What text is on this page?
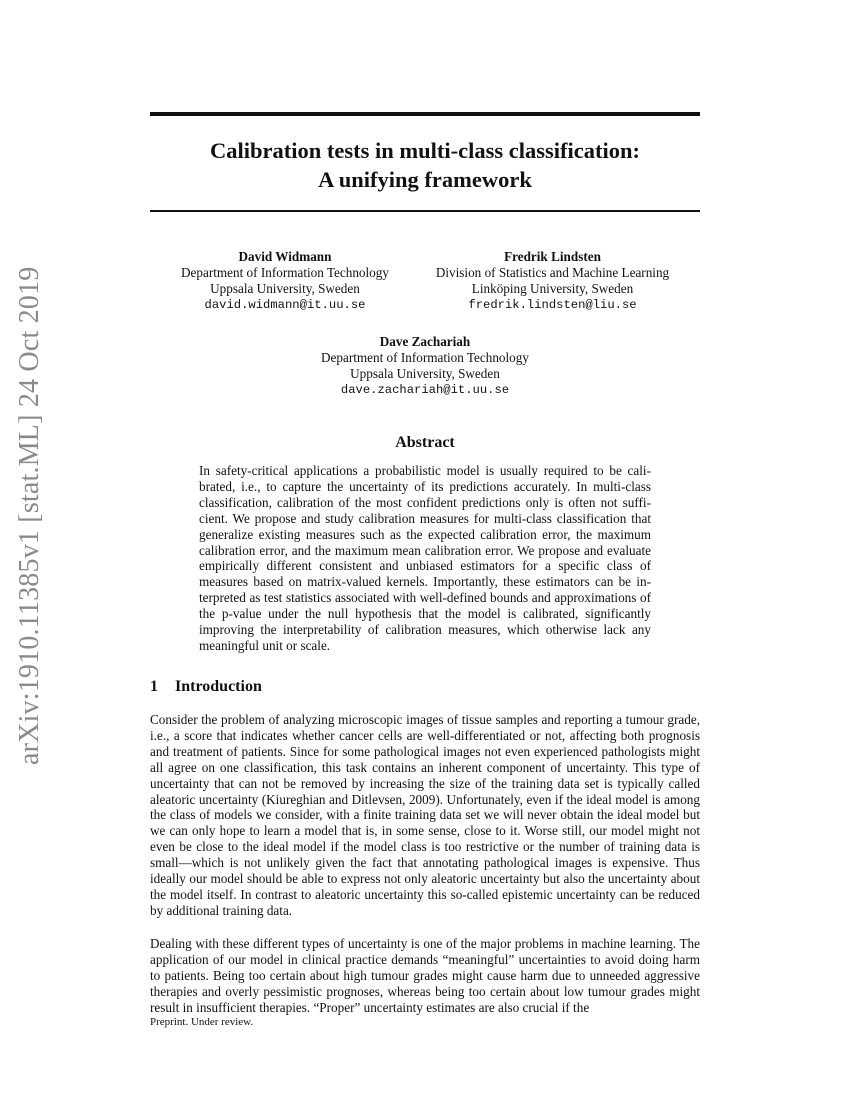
arXiv:1910.11385v1 [stat.ML] 24 Oct 2019
Calibration tests in multi-class classification:
A unifying framework
David Widmann
Department of Information Technology
Uppsala University, Sweden
david.widmann@it.uu.se
Fredrik Lindsten
Division of Statistics and Machine Learning
Linköping University, Sweden
fredrik.lindsten@liu.se
Dave Zachariah
Department of Information Technology
Uppsala University, Sweden
dave.zachariah@it.uu.se
Abstract
In safety-critical applications a probabilistic model is usually required to be calibrated, i.e., to capture the uncertainty of its predictions accurately. In multi-class classification, calibration of the most confident predictions only is often not sufficient. We propose and study calibration measures for multi-class classification that generalize existing measures such as the expected calibration error, the maximum calibration error, and the maximum mean calibration error. We propose and evaluate empirically different consistent and unbiased estimators for a specific class of measures based on matrix-valued kernels. Importantly, these estimators can be interpreted as test statistics associated with well-defined bounds and approximations of the p-value under the null hypothesis that the model is calibrated, significantly improving the interpretability of calibration measures, which otherwise lack any meaningful unit or scale.
1 Introduction
Consider the problem of analyzing microscopic images of tissue samples and reporting a tumour grade, i.e., a score that indicates whether cancer cells are well-differentiated or not, affecting both prognosis and treatment of patients. Since for some pathological images not even experienced pathologists might all agree on one classification, this task contains an inherent component of uncertainty. This type of uncertainty that can not be removed by increasing the size of the training data set is typically called aleatoric uncertainty (Kiureghian and Ditlevsen, 2009). Unfortunately, even if the ideal model is among the class of models we consider, with a finite training data set we will never obtain the ideal model but we can only hope to learn a model that is, in some sense, close to it. Worse still, our model might not even be close to the ideal model if the model class is too restrictive or the number of training data is small—which is not unlikely given the fact that annotating pathological images is expensive. Thus ideally our model should be able to express not only aleatoric uncertainty but also the uncertainty about the model itself. In contrast to aleatoric uncertainty this so-called epistemic uncertainty can be reduced by additional training data.
Dealing with these different types of uncertainty is one of the major problems in machine learning. The application of our model in clinical practice demands “meaningful” uncertainties to avoid doing harm to patients. Being too certain about high tumour grades might cause harm due to unneeded aggressive therapies and overly pessimistic prognoses, whereas being too certain about low tumour grades might result in insufficient therapies. “Proper” uncertainty estimates are also crucial if the
Preprint. Under review.
